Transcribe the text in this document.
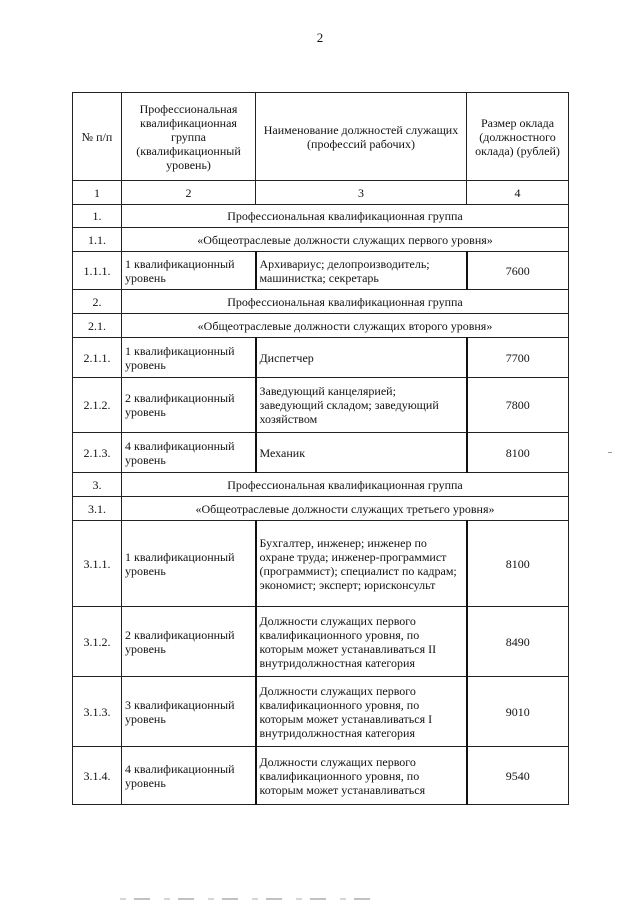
2
№ п/п	Профессиональная квалификационная группа (квалификационный уровень)	Наименование должностей служащих (профессий рабочих)	Размер оклада (должностного оклада) (рублей)
1	2	3	4
1.	Профессиональная квалификационная группа		
1.1.	«Общеотраслевые должности служащих первого уровня»		
1.1.1.	1 квалификационный уровень	Архивариус; делопроизводитель; машинистка; секретарь	7600
2.	Профессиональная квалификационная группа		
2.1.	«Общеотраслевые должности служащих второго уровня»		
2.1.1.	1 квалификационный уровень	Диспетчер	7700
2.1.2.	2 квалификационный уровень	Заведующий канцелярией; заведующий складом; заведующий хозяйством	7800
2.1.3.	4 квалификационный уровень	Механик	8100
3.	Профессиональная квалификационная группа		
3.1.	«Общеотраслевые должности служащих третьего уровня»		
3.1.1.	1 квалификационный уровень	Бухгалтер, инженер; инженер по охране труда; инженер-программист (программист); специалист по кадрам; экономист; эксперт; юрисконсульт	8100
3.1.2.	2 квалификационный уровень	Должности служащих первого квалификационного уровня, по которым может устанавливаться II внутридолжностная категория	8490
3.1.3.	3 квалификационный уровень	Должности служащих первого квалификационного уровня, по которым может устанавливаться I внутридолжностная категория	9010
3.1.4.	4 квалификационный уровень	Должности служащих первого квалификационного уровня, по которым может устанавливаться	9540
